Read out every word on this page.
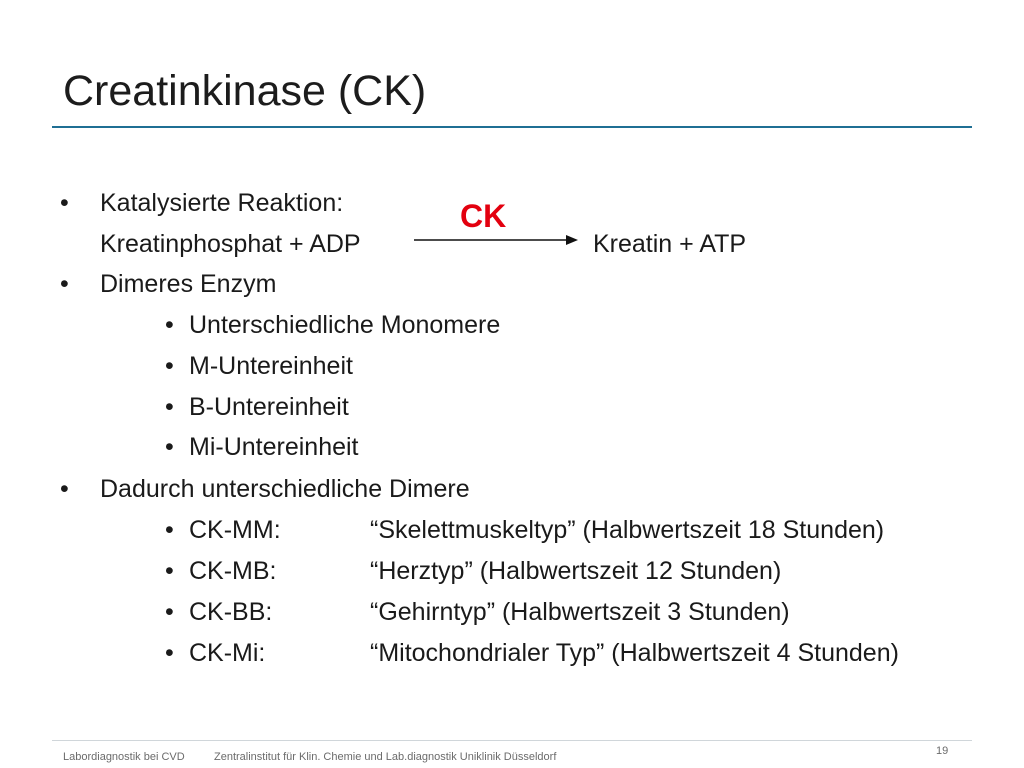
Creatinkinase (CK)
• Katalysierte Reaktion:	CK
Kreatinphosphat + ADP	Kreatin + ATP
• Dimeres Enzym
• Unterschiedliche Monomere
• M-Untereinheit
• B-Untereinheit
• Mi-Untereinheit
• Dadurch unterschiedliche Dimere
• CK-MM:	“Skelettmuskeltyp” (Halbwertszeit 18 Stunden)
• CK-MB:	“Herztyp” (Halbwertszeit 12 Stunden)
• CK-BB:	“Gehirntyp” (Halbwertszeit 3 Stunden)
• CK-Mi:	“Mitochondrialer Typ” (Halbwertszeit 4 Stunden)
Labordiagnostik bei CVD	Zentralinstitut für Klin. Chemie und Lab.diagnostik Uniklinik Düsseldorf	19
